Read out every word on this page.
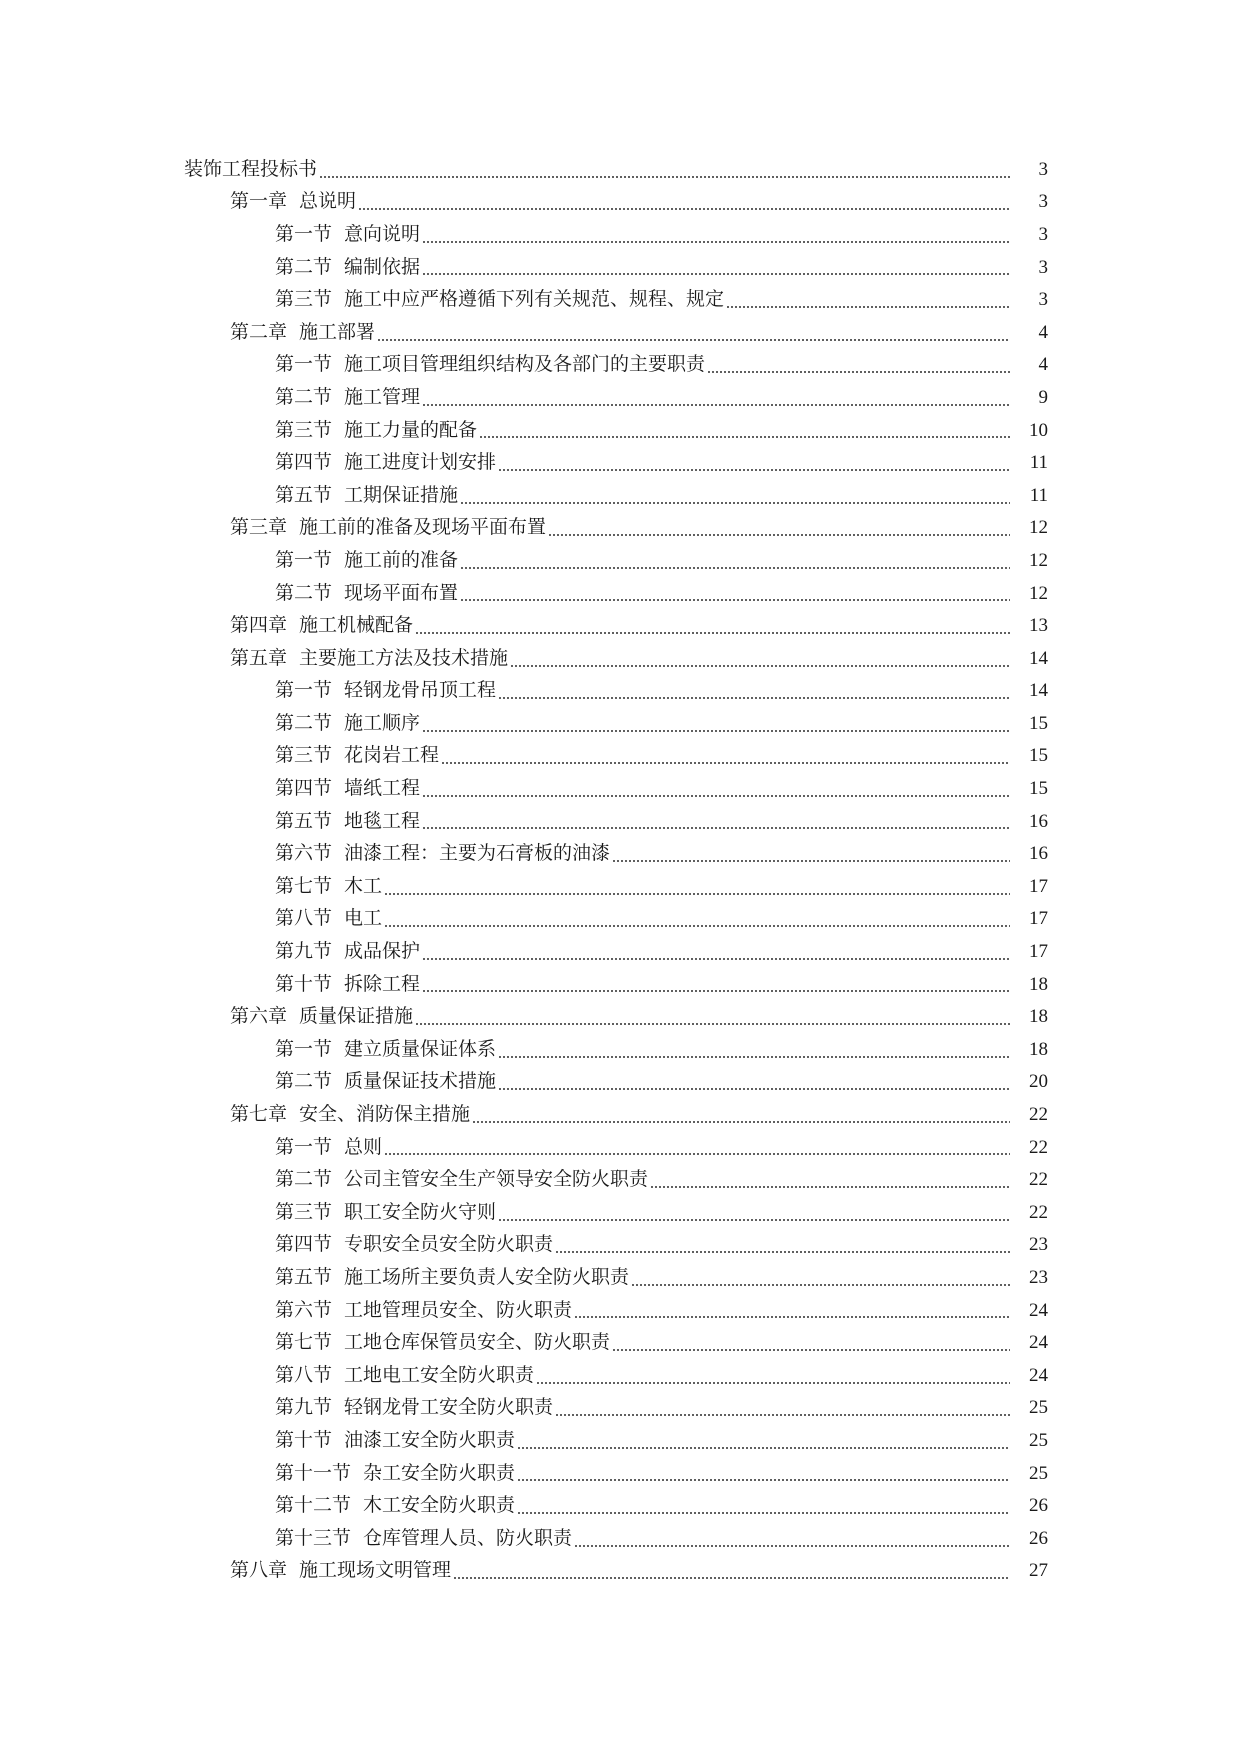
装饰工程投标书	3
第一章 总说明	3
第一节 意向说明	3
第二节 编制依据	3
第三节 施工中应严格遵循下列有关规范、规程、规定	3
第二章 施工部署	4
第一节 施工项目管理组织结构及各部门的主要职责	4
第二节 施工管理	9
第三节 施工力量的配备	10
第四节 施工进度计划安排	11
第五节 工期保证措施	11
第三章 施工前的准备及现场平面布置	12
第一节 施工前的准备	12
第二节 现场平面布置	12
第四章 施工机械配备	13
第五章 主要施工方法及技术措施	14
第一节 轻钢龙骨吊顶工程	14
第二节 施工顺序	15
第三节 花岗岩工程	15
第四节 墙纸工程	15
第五节 地毯工程	16
第六节 油漆工程：主要为石膏板的油漆	16
第七节 木工	17
第八节 电工	17
第九节 成品保护	17
第十节 拆除工程	18
第六章 质量保证措施	18
第一节 建立质量保证体系	18
第二节 质量保证技术措施	20
第七章 安全、消防保主措施	22
第一节 总则	22
第二节 公司主管安全生产领导安全防火职责	22
第三节 职工安全防火守则	22
第四节 专职安全员安全防火职责	23
第五节 施工场所主要负责人安全防火职责	23
第六节 工地管理员安全、防火职责	24
第七节 工地仓库保管员安全、防火职责	24
第八节 工地电工安全防火职责	24
第九节 轻钢龙骨工安全防火职责	25
第十节 油漆工安全防火职责	25
第十一节 杂工安全防火职责	25
第十二节 木工安全防火职责	26
第十三节 仓库管理人员、防火职责	26
第八章 施工现场文明管理	27
